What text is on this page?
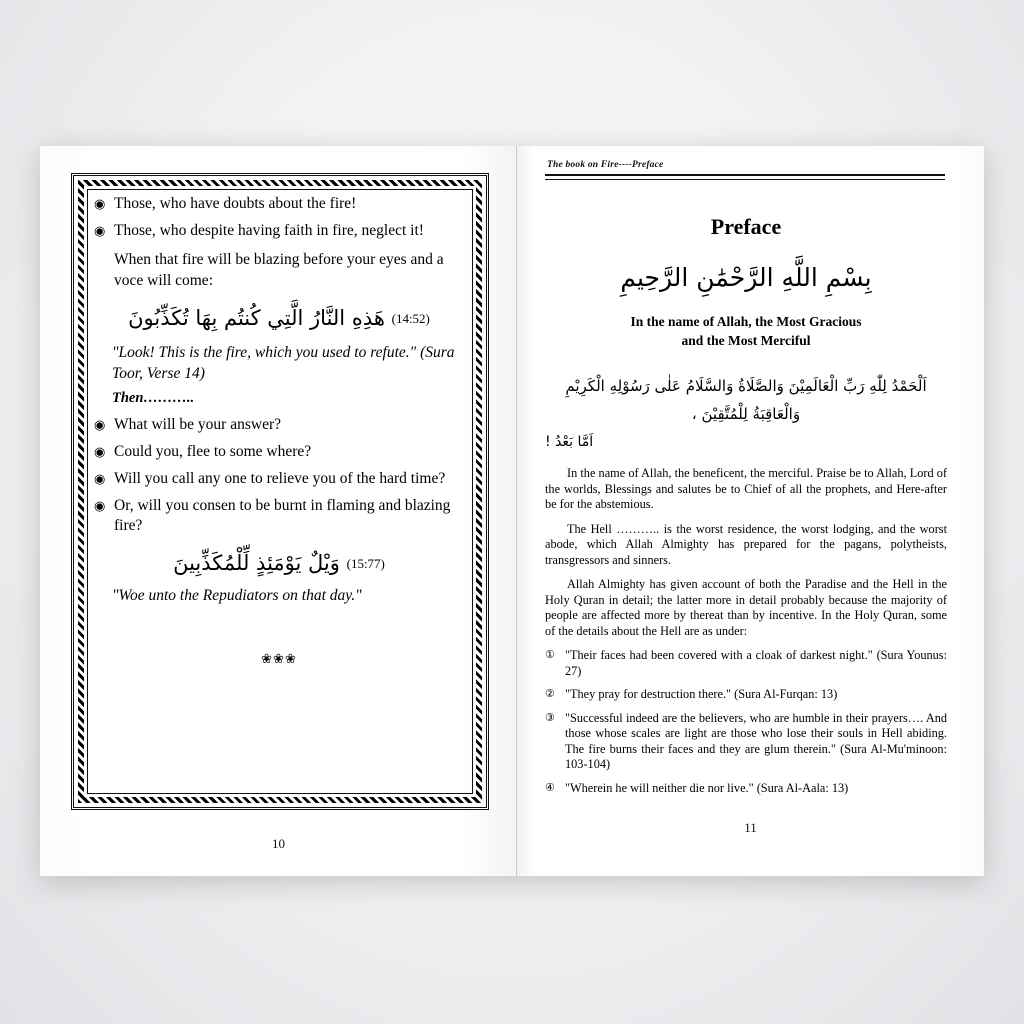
◉ Those, who have doubts about the fire!
◉ Those, who despite having faith in fire, neglect it!
When that fire will be blazing before your eyes and a voce will come:
(14:52) هَذِهِ النَّارُ الَّتِي كُنتُم بِهَا تُكَذِّبُونَ
"Look! This is the fire, which you used to refute." (Sura Toor, Verse 14)
Then………..
◉ What will be your answer?
◉ Could you, flee to some where?
◉ Will you call any one to relieve you of the hard time?
◉ Or, will you consen to be burnt in flaming and blazing fire?
(15:77) وَيْلٌ يَوْمَئِذٍ لِّلْمُكَذِّبِينَ
"Woe unto the Repudiators on that day."
❀❀❀
10
The book on Fire----Preface
Preface
بِسْمِ اللَّهِ الرَّحْمَٰنِ الرَّحِيمِ
In the name of Allah, the Most Gracious
and the Most Merciful
اَلْحَمْدُ لِلّٰهِ رَبِّ الْعَالَمِيْنَ وَالصَّلَاةُ وَالسَّلَامُ عَلٰى رَسُوْلِهِ الْكَرِيْمِ وَالْعَاقِبَةُ لِلْمُتَّقِيْنَ ،
اَمَّا بَعْدُ !
In the name of Allah, the beneficent, the merciful. Praise be to Allah, Lord of the worlds, Blessings and salutes be to Chief of all the prophets, and Here-after be for the abstemious.
The Hell ……….. is the worst residence, the worst lodging, and the worst abode, which Allah Almighty has prepared for the pagans, polytheists, transgressors and sinners.
Allah Almighty has given account of both the Paradise and the Hell in the Holy Quran in detail; the latter more in detail probably because the majority of people are affected more by thereat than by incentive. In the Holy Quran, some of the details about the Hell are as under:
① "Their faces had been covered with a cloak of darkest night." (Sura Younus: 27)
② "They pray for destruction there." (Sura Al-Furqan: 13)
③ "Successful indeed are the believers, who are humble in their prayers…. And those whose scales are light are those who lose their souls in Hell abiding. The fire burns their faces and they are glum therein." (Sura Al-Mu'minoon: 103-104)
④ "Wherein he will neither die nor live." (Sura Al-Aala: 13)
11
